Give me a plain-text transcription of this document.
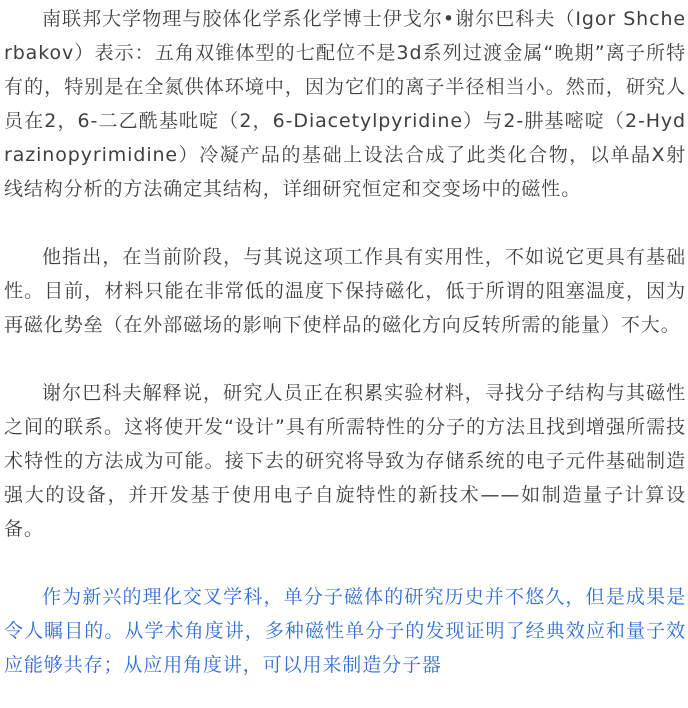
南联邦大学物理与胶体化学系化学博士伊戈尔•谢尔巴科夫（Igor Shcherbakov）表示：五角双锥体型的七配位不是3d系列过渡金属“晚期”离子所特有的，特别是在全氮供体环境中，因为它们的离子半径相当小。然而，研究人员在2，6-二乙酰基吡啶（2，6-Diacetylpyridine）与2-肼基嘧啶（2-Hydrazinopyrimidine）冷凝产品的基础上设法合成了此类化合物，以单晶X射线结构分析的方法确定其结构，详细研究恒定和交变场中的磁性。

他指出，在当前阶段，与其说这项工作具有实用性，不如说它更具有基础性。目前，材料只能在非常低的温度下保持磁化，低于所谓的阻塞温度，因为再磁化势垒（在外部磁场的影响下使样品的磁化方向反转所需的能量）不大。

谢尔巴科夫解释说，研究人员正在积累实验材料，寻找分子结构与其磁性之间的联系。这将使开发“设计”具有所需特性的分子的方法且找到增强所需技术特性的方法成为可能。接下去的研究将导致为存储系统的电子元件基础制造强大的设备，并开发基于使用电子自旋特性的新技术——如制造量子计算设备。

作为新兴的理化交叉学科，单分子磁体的研究历史并不悠久，但是成果是令人瞩目的。从学术角度讲，多种磁性单分子的发现证明了经典效应和量子效应能够共存；从应用角度讲，可以用来制造分子器
